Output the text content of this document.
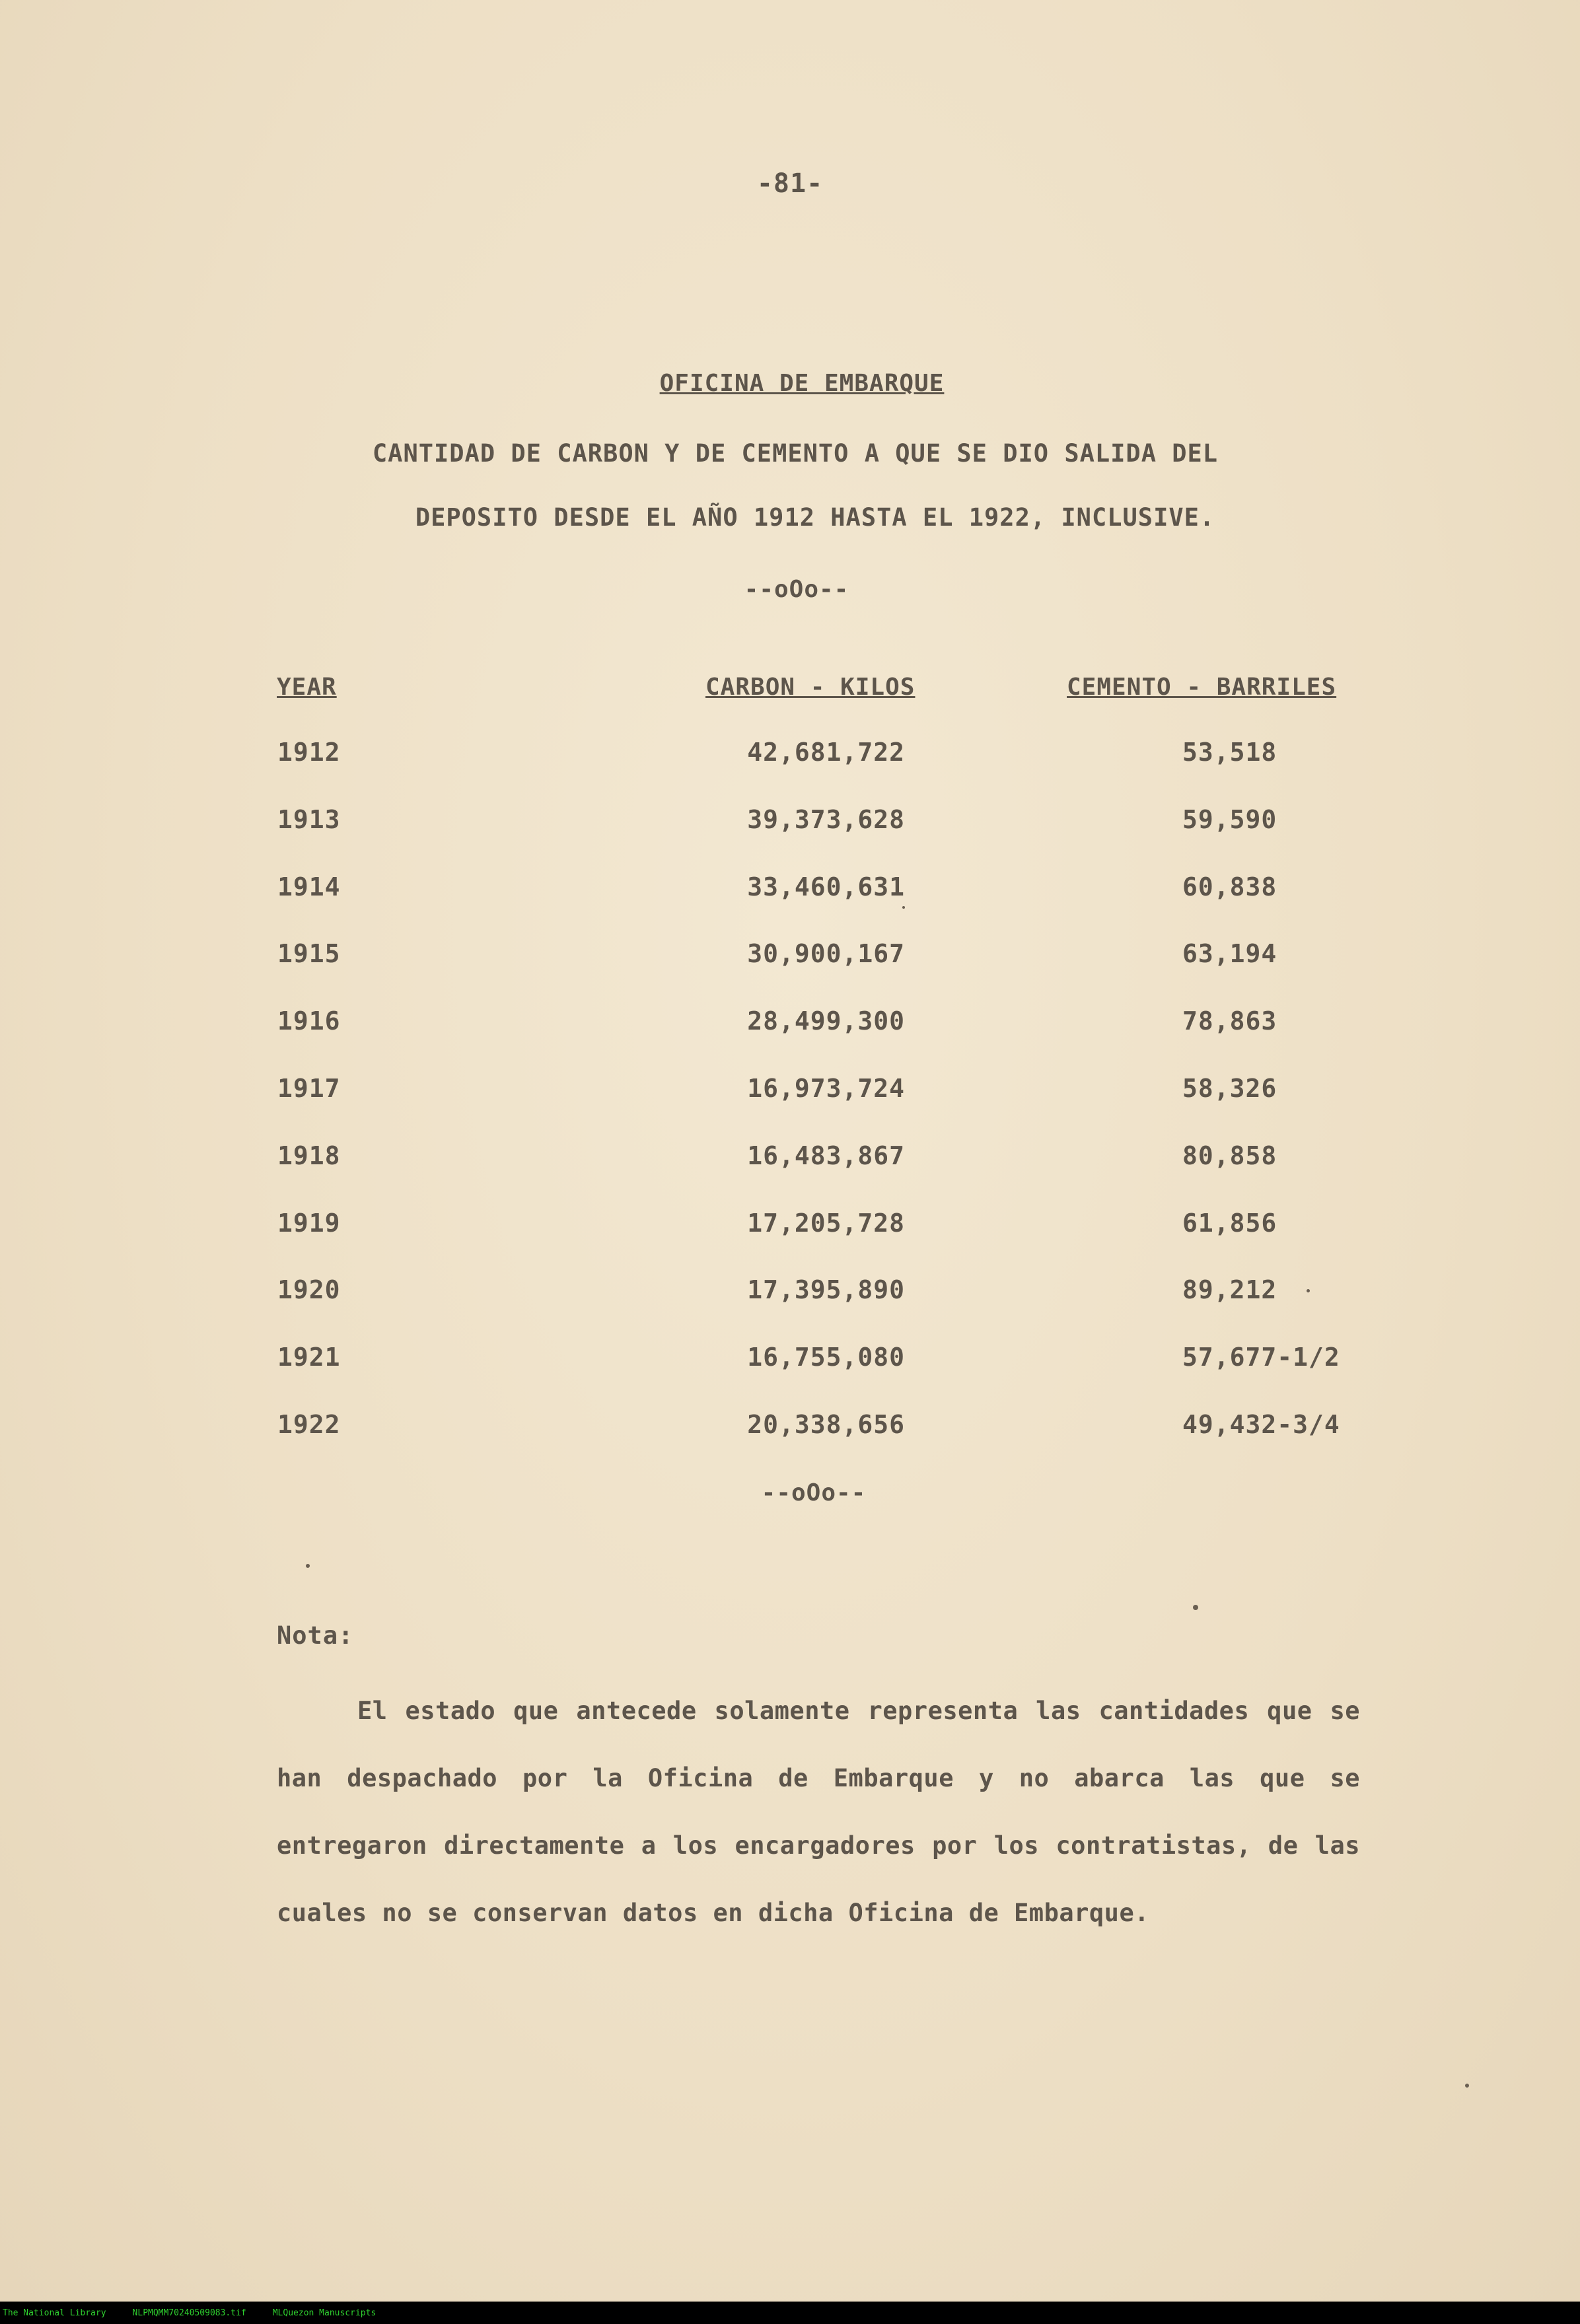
-81-
OFICINA DE EMBARQUE
CANTIDAD DE CARBON Y DE CEMENTO A QUE SE DIO SALIDA DEL
DEPOSITO DESDE EL AÑO 1912 HASTA EL 1922, INCLUSIVE.
--oOo--
YEAR	CARBON - KILOS	CEMENTO - BARRILES
1912	42,681,722	53,518
1913	39,373,628	59,590
1914	33,460,631	60,838
1915	30,900,167	63,194
1916	28,499,300	78,863
1917	16,973,724	58,326
1918	16,483,867	80,858
1919	17,205,728	61,856
1920	17,395,890	89,212
1921	16,755,080	57,677-1/2
1922	20,338,656	49,432-3/4
--oOo--
Nota:

El estado que antecede solamente representa las cantidades que se han despachado por la Oficina de Embarque y no abarca las que se entregaron directamente a los encargadores por los contratistas, de las cuales no se conservan datos en dicha Oficina de Embarque.

The National Library	NLPMQMM70240509083.tif	MLQuezon Manuscripts
